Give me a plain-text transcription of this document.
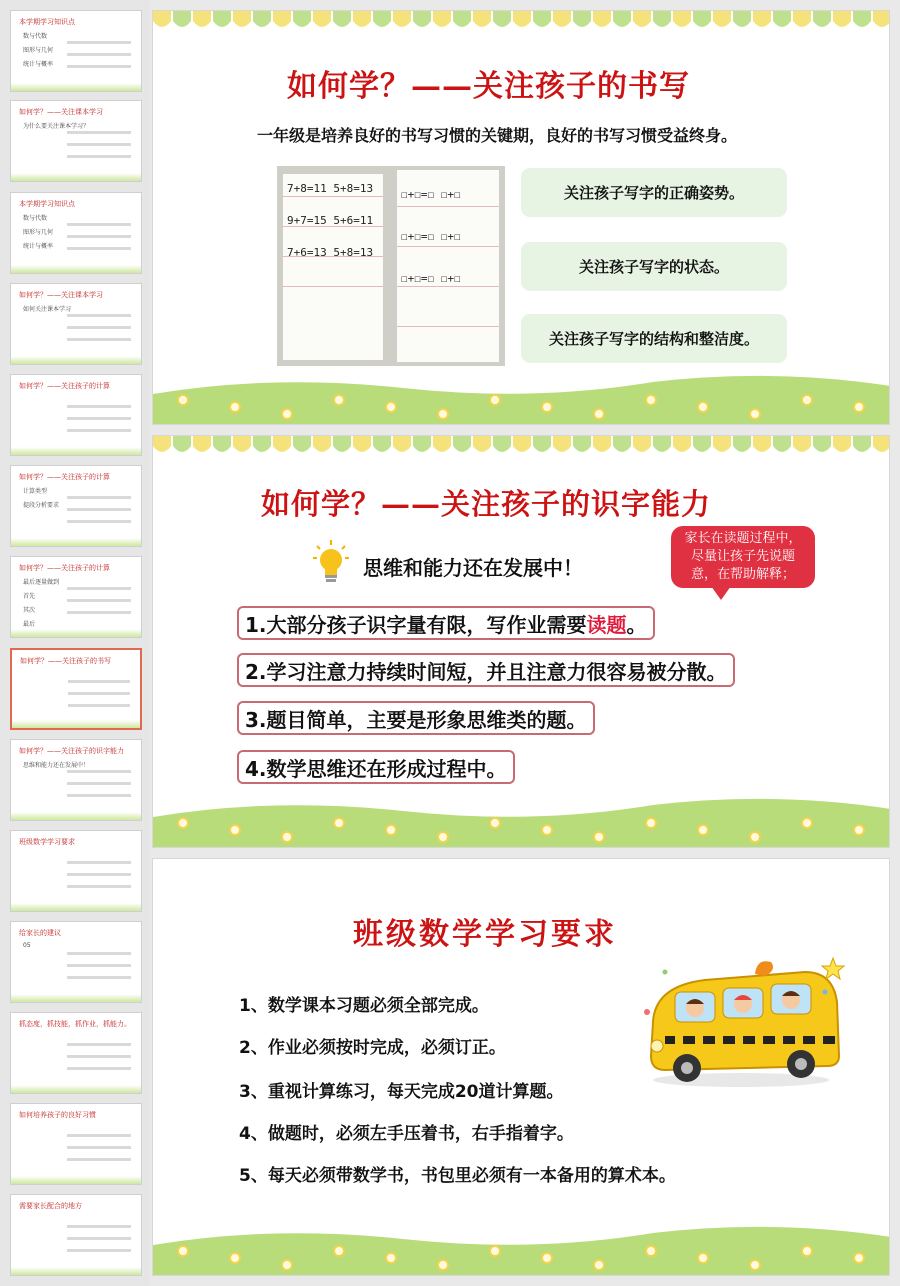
本学期学习知识点
数与代数
图形与几何
统计与概率
如何学？——关注课本学习
为什么要关注课本学习？
本学期学习知识点
数与代数
图形与几何
统计与概率
如何学？——关注课本学习
如何关注课本学习
如何学？——关注孩子的计算
如何学？——关注孩子的计算
计算类型
提段分析要求
如何学？——关注孩子的计算
最后逐量做到
首先
其次
最后
如何学？——关注孩子的书写
如何学？——关注孩子的识字能力
思维和能力还在发展中！
班级数学学习要求
给家长的建议
05
抓态度，抓技能，抓作业，抓能力。
如何培养孩子的良好习惯
需要家长配合的地方
如何学？——关注孩子的书写
一年级是培养良好的书写习惯的关键期，良好的书写习惯受益终身。
7+8=11 5+8=13
9+7=15 5+6=11
7+6=13 5+8=13
☐+☐=☐ ☐+☐
☐+☐=☐ ☐+☐
☐+☐=☐ ☐+☐
关注孩子写字的正确姿势。
关注孩子写字的状态。
关注孩子写字的结构和整洁度。
如何学？——关注孩子的识字能力
思维和能力还在发展中！
家长在读题过程中，尽量让孩子先说题意，在帮助解释；
1.大部分孩子识字量有限，写作业需要 读题 。
2.学习注意力持续时间短，并且注意力很容易被分散。
3.题目简单，主要是形象思维类的题。
4.数学思维还在形成过程中。
班级数学学习要求
1、数学课本习题必须全部完成。
2、作业必须按时完成，必须订正。
3、重视计算练习，每天完成20道计算题。
4、做题时，必须左手压着书，右手指着字。
5、每天必须带数学书，书包里必须有一本备用的算术本。
